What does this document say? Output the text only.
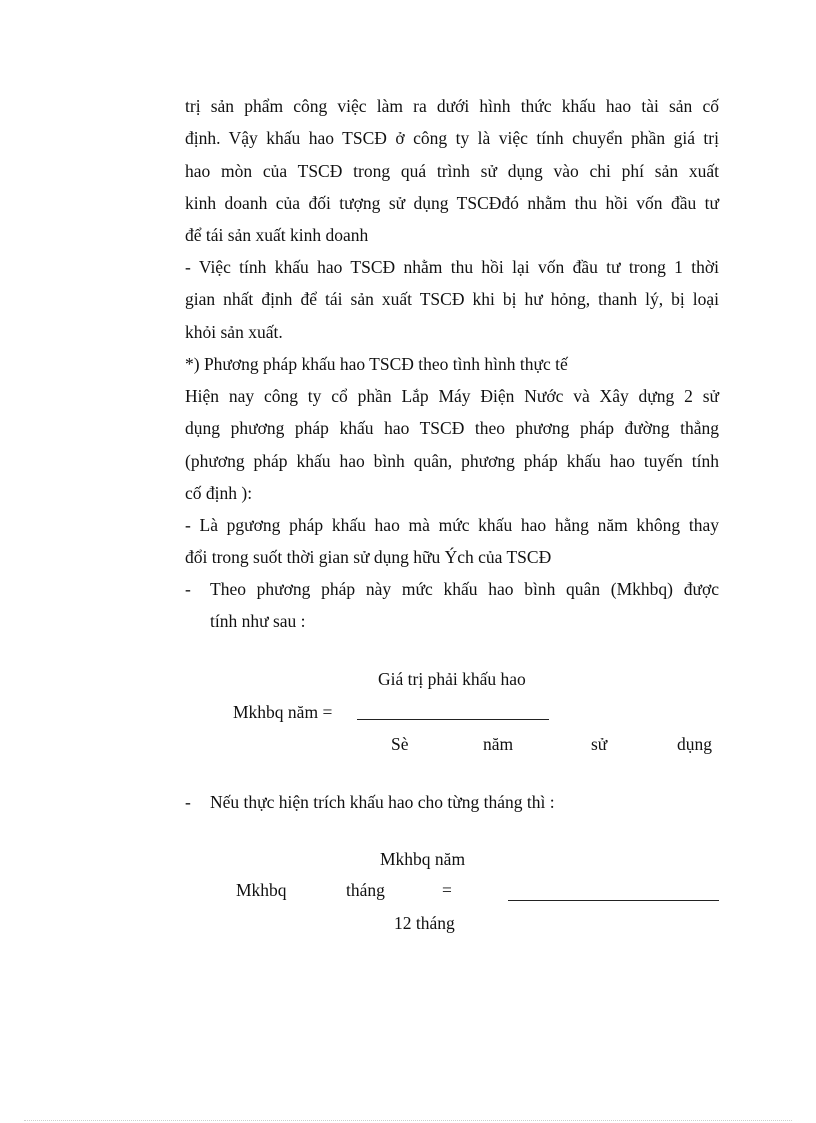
trị sản phẩm công việc làm ra dưới hình thức khấu hao tài sản cố
định. Vậy khấu hao TSCĐ ở công ty là việc tính chuyển phần giá trị
hao mòn của TSCĐ trong quá trình sử dụng vào chi phí sản xuất
kinh doanh của đối tượng sử dụng TSCĐđó nhằm thu hồi vốn đầu tư
để tái sản xuất kinh doanh
- Việc tính khấu hao TSCĐ nhằm thu hồi lại vốn đầu tư trong 1 thời
gian nhất định để tái sản xuất TSCĐ khi bị hư hỏng, thanh lý, bị loại
khỏi sản xuất.
*) Phương pháp khấu hao TSCĐ theo tình hình thực tế
Hiện nay công ty cổ phần Lắp Máy Điện Nước và Xây dựng 2 sử
dụng phương pháp khấu hao TSCĐ theo phương pháp đường thẳng
(phương pháp khấu hao bình quân, phương pháp khấu hao tuyến tính
cố định ):
- Là pgương pháp khấu hao mà mức khấu hao hằng năm không thay
đổi trong suốt thời gian sử dụng hữu Ých của TSCĐ
- Theo phương pháp này mức khấu hao bình quân (Mkhbq) được
tính như sau :
Giá trị phải khấu hao
Mkhbq năm =
Sè	năm	sử	dụng
- Nếu thực hiện trích khấu hao cho từng tháng thì :
Mkhbq năm
Mkhbq	tháng	=
12 tháng
